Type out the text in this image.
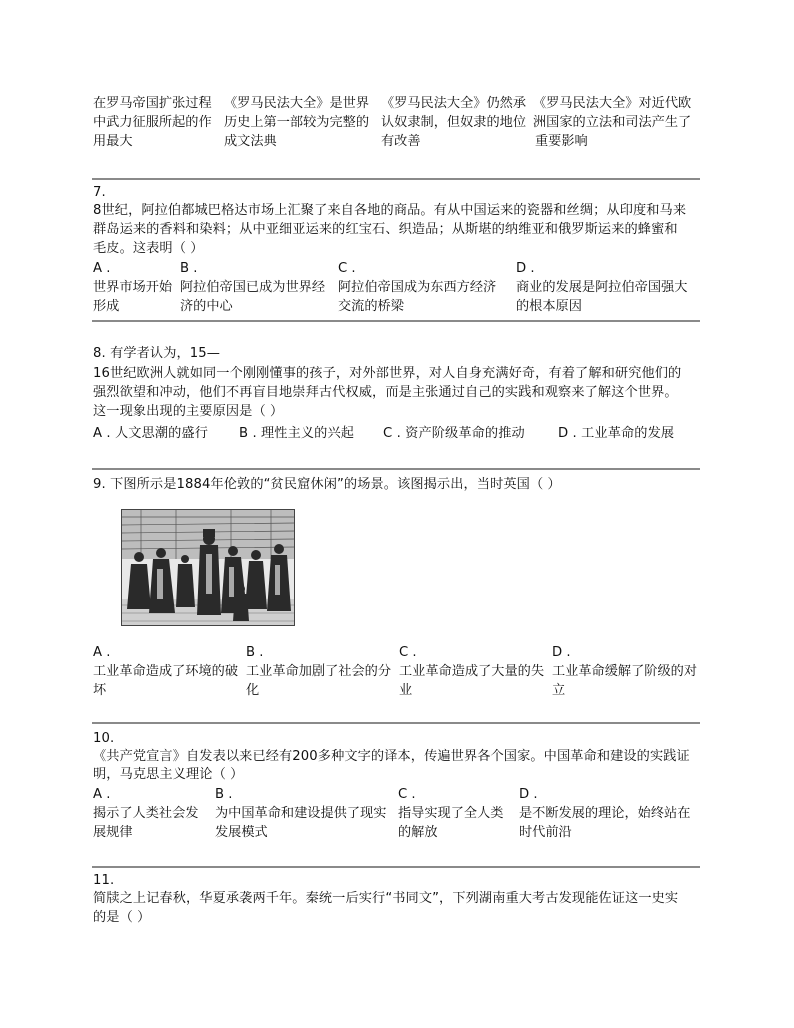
在罗马帝国扩张过程
中武力征服所起的作
用最大
《罗马民法大全》是世界
历史上第一部较为完整的
成文法典
《罗马民法大全》仍然承
认奴隶制，但奴隶的地位
有改善
《罗马民法大全》对近代欧
洲国家的立法和司法产生了
重要影响
7.
8世纪，阿拉伯都城巴格达市场上汇聚了来自各地的商品。有从中国运来的瓷器和丝绸；从印度和马来
群岛运来的香料和染料；从中亚细亚运来的红宝石、织造品；从斯堪的纳维亚和俄罗斯运来的蜂蜜和
毛皮。这表明（ ）
A .
世界市场开始
形成
B .
阿拉伯帝国已成为世界经
济的中心
C .
阿拉伯帝国成为东西方经济
交流的桥梁
D .
商业的发展是阿拉伯帝国强大
的根本原因
8. 有学者认为，15—
16世纪欧洲人就如同一个刚刚懂事的孩子，对外部世界，对人自身充满好奇，有着了解和研究他们的
强烈欲望和冲动，他们不再盲目地崇拜古代权威，而是主张通过自己的实践和观察来了解这个世界。
这一现象出现的主要原因是（ ）
A . 人文思潮的盛行 B . 理性主义的兴起 C . 资产阶级革命的推动	D . 工业革命的发展
9. 下图所示是1884年伦敦的“贫民窟休闲”的场景。该图揭示出，当时英国（ ）
A .
工业革命造成了环境的破
坏
B .
工业革命加剧了社会的分
化
C .
工业革命造成了大量的失
业
D .
工业革命缓解了阶级的对
立
10.
《共产党宣言》自发表以来已经有200多种文字的译本，传遍世界各个国家。中国革命和建设的实践证
明，马克思主义理论（ ）
A .
揭示了人类社会发
展规律
B .
为中国革命和建设提供了现实
发展模式
C .
指导实现了全人类
的解放
D .
是不断发展的理论，始终站在
时代前沿
11.
简牍之上记春秋，华夏承袭两千年。秦统一后实行“书同文”，下列湖南重大考古发现能佐证这一史实
的是（ ）
